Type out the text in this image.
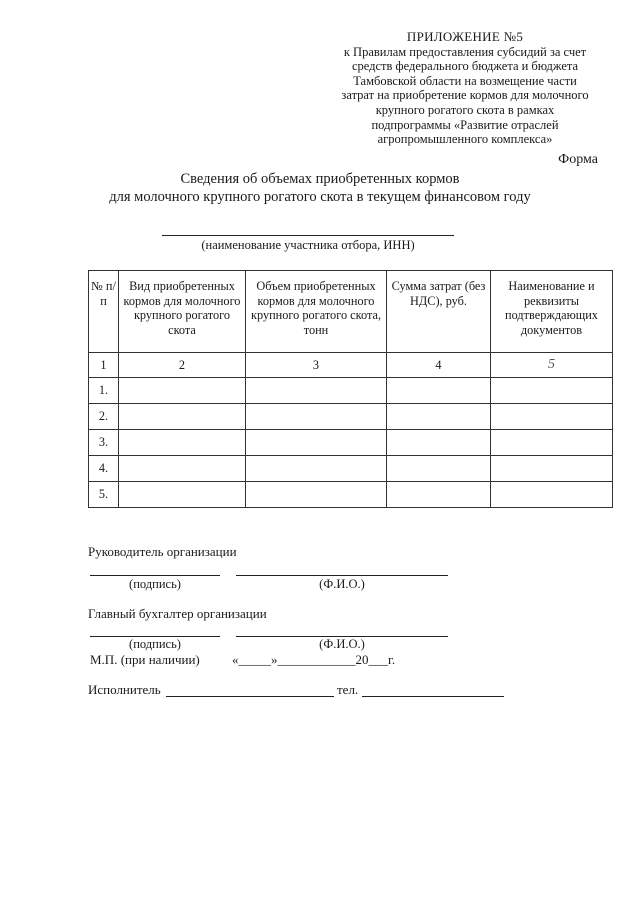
ПРИЛОЖЕНИЕ №5
к Правилам предоставления субсидий за счет
средств федерального бюджета и бюджета
Тамбовской области на возмещение части
затрат на приобретение кормов для молочного
крупного рогатого скота в рамках
подпрограммы «Развитие отраслей
агропромышленного комплекса»
Форма
Сведения об объемах приобретенных кормов
для молочного крупного рогатого скота в текущем финансовом году
(наименование участника отбора, ИНН)
№ п/п	Вид приобретенных кормов для молочного крупного рогатого скота	Объем приобретенных кормов для молочного крупного рогатого скота, тонн	Сумма затрат (без НДС), руб.	Наименование и реквизиты подтверждающих документов
1	2	3	4	5
1.				
2.				
3.				
4.				
5.				
Руководитель организации
(подпись)	(Ф.И.О.)
Главный бухгалтер организации
(подпись)	(Ф.И.О.)
М.П. (при наличии) «_____»____________20___г.
Исполнитель	тел.
